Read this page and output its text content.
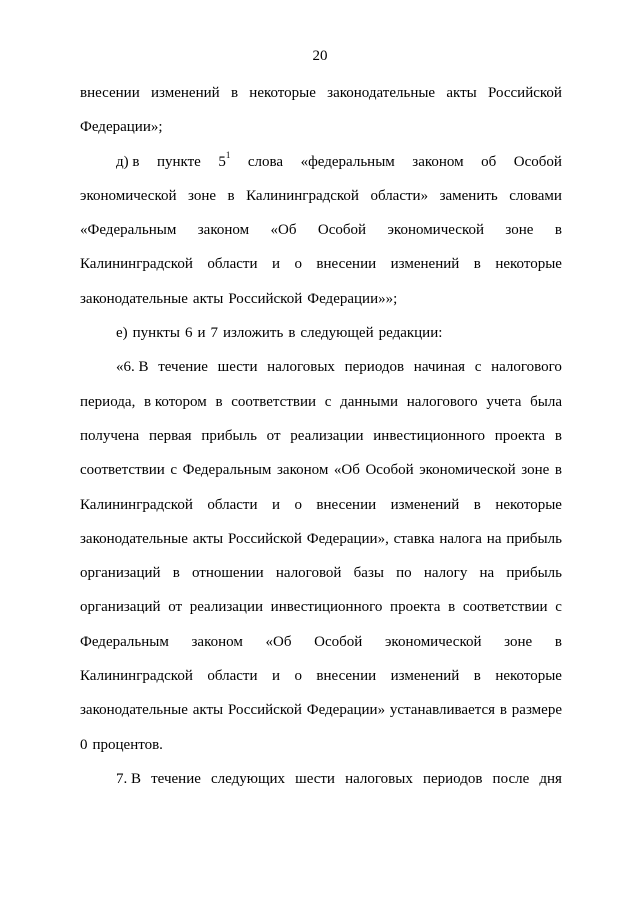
20
внесении изменений в некоторые законодательные акты Российской
Федерации»;
д) в пункте $5^1$ слова «федеральным законом об Особой
экономической зоне в Калининградской области» заменить словами
«Федеральным законом «Об Особой экономической зоне в
Калининградской области и о внесении изменений в некоторые
законодательные акты Российской Федерации»»;
е) пункты 6 и 7 изложить в следующей редакции:
«6. В течение шести налоговых периодов начиная с налогового
периода, в котором в соответствии с данными налогового учета была
получена первая прибыль от реализации инвестиционного проекта в
соответствии с Федеральным законом «Об Особой экономической зоне в
Калининградской области и о внесении изменений в некоторые
законодательные акты Российской Федерации», ставка налога на прибыль
организаций в отношении налоговой базы по налогу на прибыль
организаций от реализации инвестиционного проекта в соответствии с
Федеральным законом «Об Особой экономической зоне в
Калининградской области и о внесении изменений в некоторые
законодательные акты Российской Федерации» устанавливается в размере
0 процентов.
7. В течение следующих шести налоговых периодов после дня
